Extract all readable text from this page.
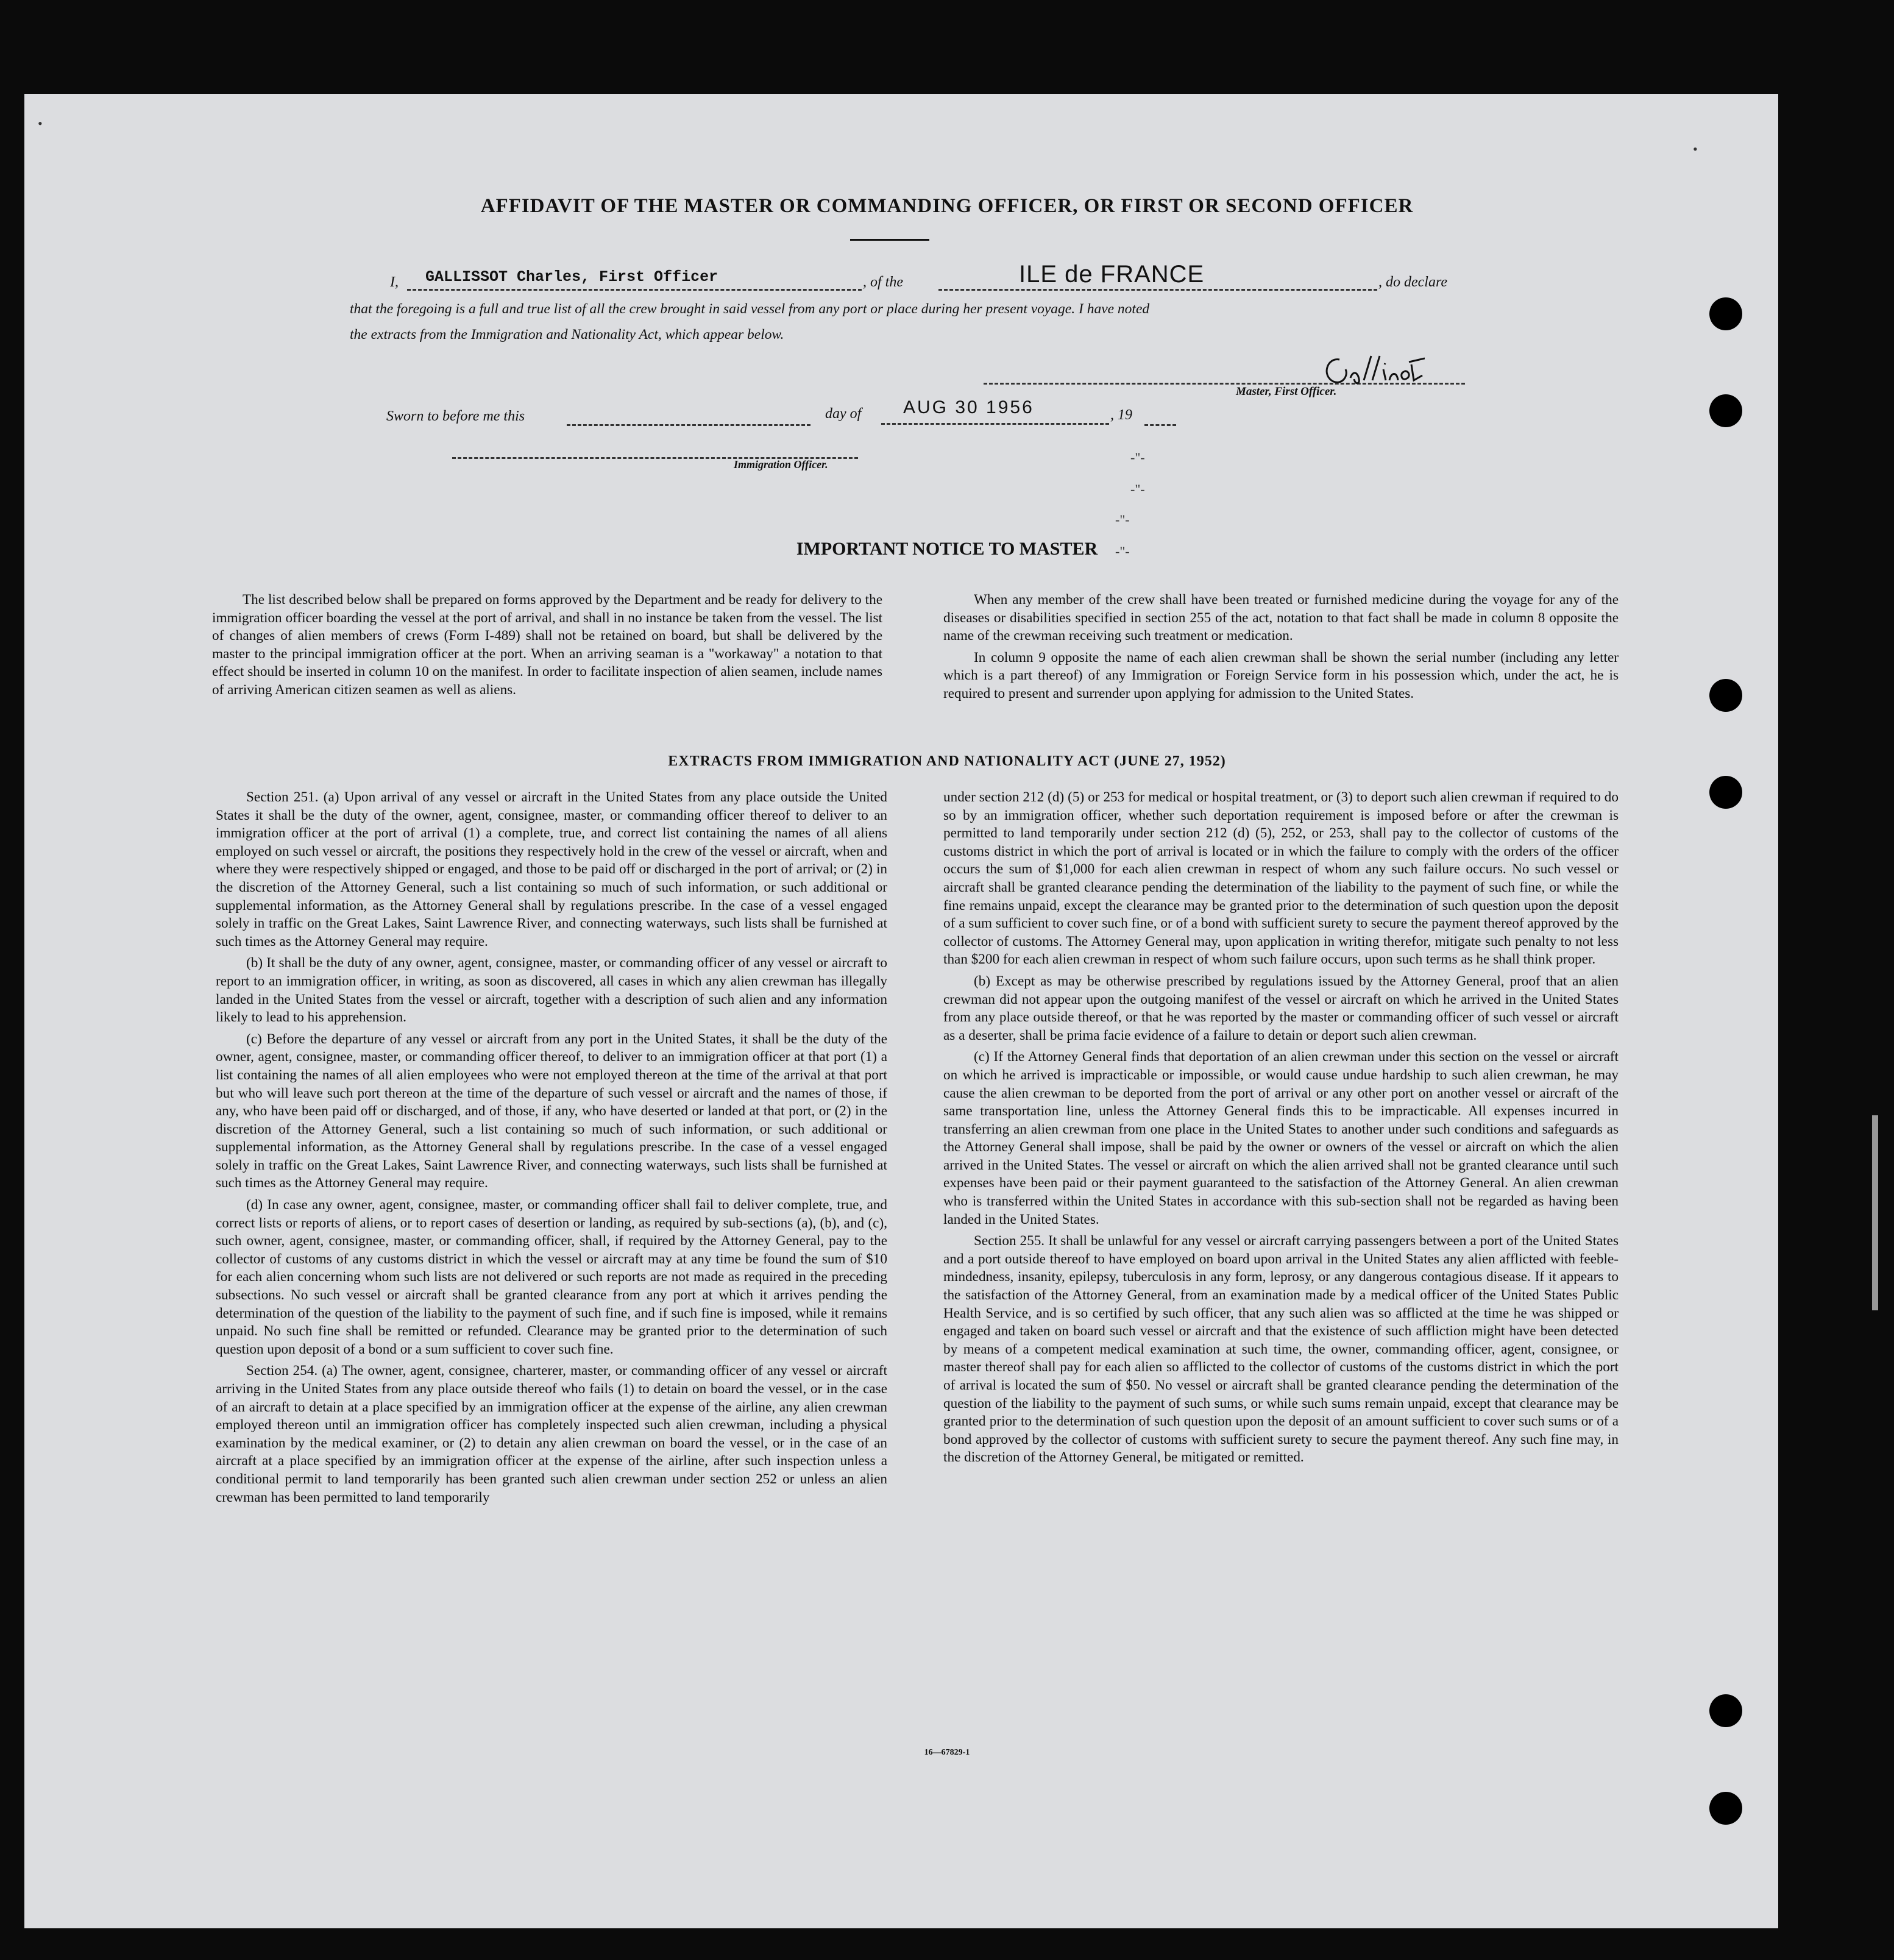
AFFIDAVIT OF THE MASTER OR COMMANDING OFFICER, OR FIRST OR SECOND OFFICER
I, GALLISSOT Charles, First Officer	, of the	ILE de FRANCE	, do declare
that the foregoing is a full and true list of all the crew brought in said vessel from any port or place during her present voyage. I have noted
the extracts from the Immigration and Nationality Act, which appear below.
Master, First Officer.
Sworn to before me this	day of AUG 30 1956	, 19
Immigration Officer.
•
•
-"-
-"-
-"-
-"-
IMPORTANT NOTICE TO MASTER

The list described below shall be prepared on forms approved by the Department and be ready for delivery to the immigration officer boarding the vessel at the port of arrival, and shall in no instance be taken from the vessel. The list of changes of alien members of crews (Form I-489) shall not be retained on board, but shall be delivered by the master to the principal immigration officer at the port. When an arriving seaman is a "workaway" a notation to that effect should be inserted in column 10 on the manifest. In order to facilitate inspection of alien seamen, include names of arriving American citizen seamen as well as aliens.

When any member of the crew shall have been treated or furnished medicine during the voyage for any of the diseases or disabilities specified in section 255 of the act, notation to that fact shall be made in column 8 opposite the name of the crewman receiving such treatment or medication.

In column 9 opposite the name of each alien crewman shall be shown the serial number (including any letter which is a part thereof) of any Immigration or Foreign Service form in his possession which, under the act, he is required to present and surrender upon applying for admission to the United States.

EXTRACTS FROM IMMIGRATION AND NATIONALITY ACT (JUNE 27, 1952)

Section 251. (a) Upon arrival of any vessel or aircraft in the United States from any place outside the United States it shall be the duty of the owner, agent, consignee, master, or commanding officer thereof to deliver to an immigration officer at the port of arrival (1) a complete, true, and correct list containing the names of all aliens employed on such vessel or aircraft, the positions they respectively hold in the crew of the vessel or aircraft, when and where they were respectively shipped or engaged, and those to be paid off or discharged in the port of arrival; or (2) in the discretion of the Attorney General, such a list containing so much of such information, or such additional or supplemental information, as the Attorney General shall by regulations prescribe. In the case of a vessel engaged solely in traffic on the Great Lakes, Saint Lawrence River, and connecting waterways, such lists shall be furnished at such times as the Attorney General may require.

(b) It shall be the duty of any owner, agent, consignee, master, or commanding officer of any vessel or aircraft to report to an immigration officer, in writing, as soon as discovered, all cases in which any alien crewman has illegally landed in the United States from the vessel or aircraft, together with a description of such alien and any information likely to lead to his apprehension.

(c) Before the departure of any vessel or aircraft from any port in the United States, it shall be the duty of the owner, agent, consignee, master, or commanding officer thereof, to deliver to an immigration officer at that port (1) a list containing the names of all alien employees who were not employed thereon at the time of the arrival at that port but who will leave such port thereon at the time of the departure of such vessel or aircraft and the names of those, if any, who have been paid off or discharged, and of those, if any, who have deserted or landed at that port, or (2) in the discretion of the Attorney General, such a list containing so much of such information, or such additional or supplemental information, as the Attorney General shall by regulations prescribe. In the case of a vessel engaged solely in traffic on the Great Lakes, Saint Lawrence River, and connecting waterways, such lists shall be furnished at such times as the Attorney General may require.

(d) In case any owner, agent, consignee, master, or commanding officer shall fail to deliver complete, true, and correct lists or reports of aliens, or to report cases of desertion or landing, as required by sub-sections (a), (b), and (c), such owner, agent, consignee, master, or commanding officer, shall, if required by the Attorney General, pay to the collector of customs of any customs district in which the vessel or aircraft may at any time be found the sum of $10 for each alien concerning whom such lists are not delivered or such reports are not made as required in the preceding subsections. No such vessel or aircraft shall be granted clearance from any port at which it arrives pending the determination of the question of the liability to the payment of such fine, and if such fine is imposed, while it remains unpaid. No such fine shall be remitted or refunded. Clearance may be granted prior to the determination of such question upon deposit of a bond or a sum sufficient to cover such fine.

Section 254. (a) The owner, agent, consignee, charterer, master, or commanding officer of any vessel or aircraft arriving in the United States from any place outside thereof who fails (1) to detain on board the vessel, or in the case of an aircraft to detain at a place specified by an immigration officer at the expense of the airline, any alien crewman employed thereon until an immigration officer has completely inspected such alien crewman, including a physical examination by the medical examiner, or (2) to detain any alien crewman on board the vessel, or in the case of an aircraft at a place specified by an immigration officer at the expense of the airline, after such inspection unless a conditional permit to land temporarily has been granted such alien crewman under section 252 or unless an alien crewman has been permitted to land temporarily

under section 212 (d) (5) or 253 for medical or hospital treatment, or (3) to deport such alien crewman if required to do so by an immigration officer, whether such deportation requirement is imposed before or after the crewman is permitted to land temporarily under section 212 (d) (5), 252, or 253, shall pay to the collector of customs of the customs district in which the port of arrival is located or in which the failure to comply with the orders of the officer occurs the sum of $1,000 for each alien crewman in respect of whom any such failure occurs. No such vessel or aircraft shall be granted clearance pending the determination of the liability to the payment of such fine, or while the fine remains unpaid, except the clearance may be granted prior to the determination of such question upon the deposit of a sum sufficient to cover such fine, or of a bond with sufficient surety to secure the payment thereof approved by the collector of customs. The Attorney General may, upon application in writing therefor, mitigate such penalty to not less than $200 for each alien crewman in respect of whom such failure occurs, upon such terms as he shall think proper.

(b) Except as may be otherwise prescribed by regulations issued by the Attorney General, proof that an alien crewman did not appear upon the outgoing manifest of the vessel or aircraft on which he arrived in the United States from any place outside thereof, or that he was reported by the master or commanding officer of such vessel or aircraft as a deserter, shall be prima facie evidence of a failure to detain or deport such alien crewman.

(c) If the Attorney General finds that deportation of an alien crewman under this section on the vessel or aircraft on which he arrived is impracticable or impossible, or would cause undue hardship to such alien crewman, he may cause the alien crewman to be deported from the port of arrival or any other port on another vessel or aircraft of the same transportation line, unless the Attorney General finds this to be impracticable. All expenses incurred in transferring an alien crewman from one place in the United States to another under such conditions and safeguards as the Attorney General shall impose, shall be paid by the owner or owners of the vessel or aircraft on which the alien arrived in the United States. The vessel or aircraft on which the alien arrived shall not be granted clearance until such expenses have been paid or their payment guaranteed to the satisfaction of the Attorney General. An alien crewman who is transferred within the United States in accordance with this sub-section shall not be regarded as having been landed in the United States.

Section 255. It shall be unlawful for any vessel or aircraft carrying passengers between a port of the United States and a port outside thereof to have employed on board upon arrival in the United States any alien afflicted with feeble-mindedness, insanity, epilepsy, tuberculosis in any form, leprosy, or any dangerous contagious disease. If it appears to the satisfaction of the Attorney General, from an examination made by a medical officer of the United States Public Health Service, and is so certified by such officer, that any such alien was so afflicted at the time he was shipped or engaged and taken on board such vessel or aircraft and that the existence of such affliction might have been detected by means of a competent medical examination at such time, the owner, commanding officer, agent, consignee, or master thereof shall pay for each alien so afflicted to the collector of customs of the customs district in which the port of arrival is located the sum of $50. No vessel or aircraft shall be granted clearance pending the determination of the question of the liability to the payment of such sums, or while such sums remain unpaid, except that clearance may be granted prior to the determination of such question upon the deposit of an amount sufficient to cover such sums or of a bond approved by the collector of customs with sufficient surety to secure the payment thereof. Any such fine may, in the discretion of the Attorney General, be mitigated or remitted.

16—67829-1
